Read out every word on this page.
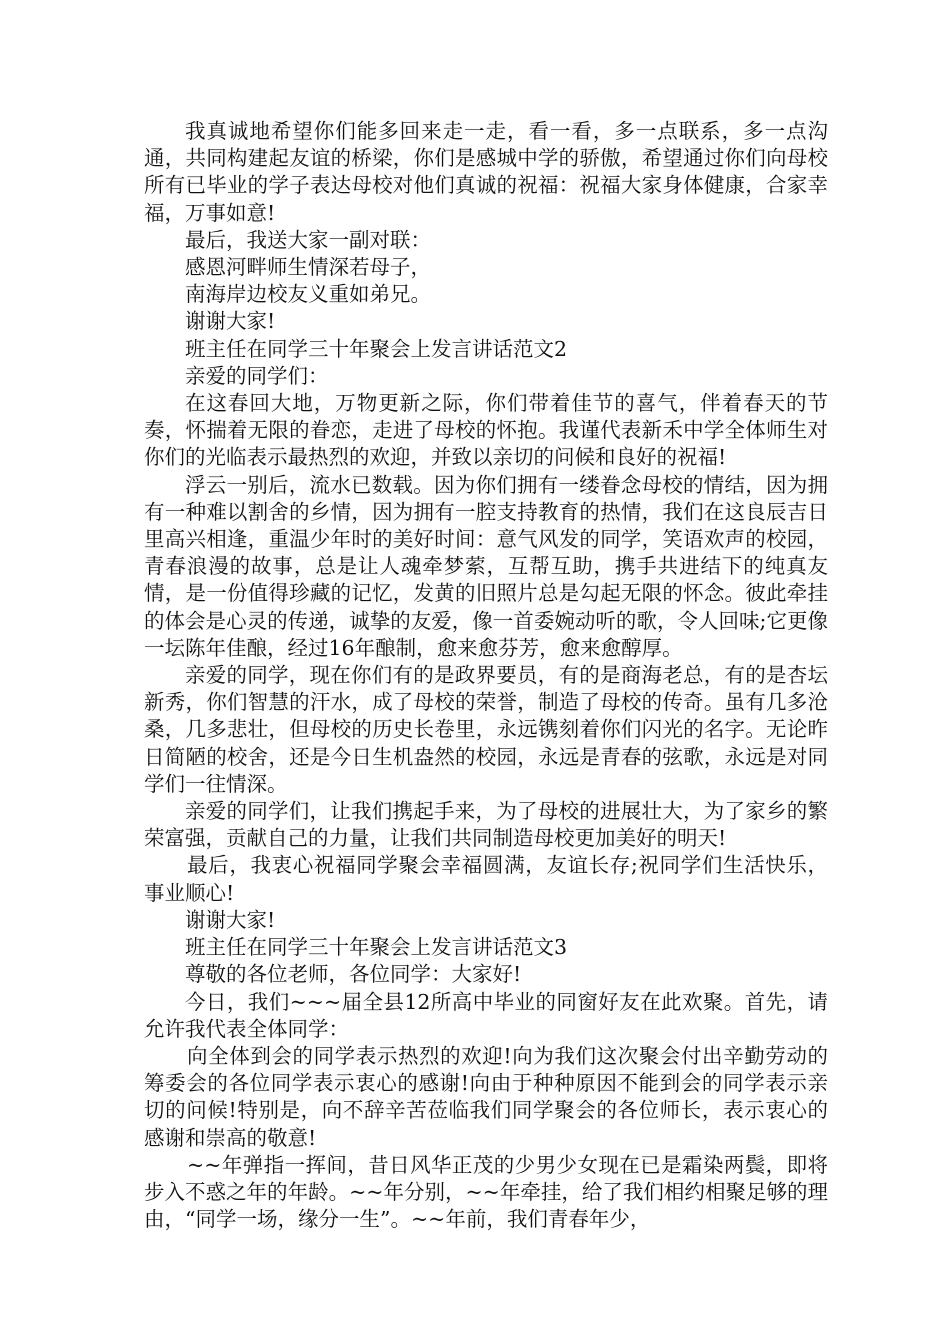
我真诚地希望你们能多回来走一走，看一看，多一点联系，多一点沟通，共同构建起友谊的桥梁，你们是感城中学的骄傲，希望通过你们向母校所有已毕业的学子表达母校对他们真诚的祝福：祝福大家身体健康，合家幸福，万事如意!

最后，我送大家一副对联：

感恩河畔师生情深若母子，

南海岸边校友义重如弟兄。

谢谢大家!

班主任在同学三十年聚会上发言讲话范文2

亲爱的同学们：

在这春回大地，万物更新之际，你们带着佳节的喜气，伴着春天的节奏，怀揣着无限的眷恋，走进了母校的怀抱。我谨代表新禾中学全体师生对你们的光临表示最热烈的欢迎，并致以亲切的问候和良好的祝福!

浮云一别后，流水已数载。因为你们拥有一缕眷念母校的情结，因为拥有一种难以割舍的乡情，因为拥有一腔支持教育的热情，我们在这良辰吉日里高兴相逢，重温少年时的美好时间：意气风发的同学，笑语欢声的校园，青春浪漫的故事，总是让人魂牵梦萦，互帮互助，携手共进结下的纯真友情，是一份值得珍藏的记忆，发黄的旧照片总是勾起无限的怀念。彼此牵挂的体会是心灵的传递，诚挚的友爱，像一首委婉动听的歌，令人回味;它更像一坛陈年佳酿，经过16年酿制，愈来愈芬芳，愈来愈醇厚。

亲爱的同学，现在你们有的是政界要员，有的是商海老总，有的是杏坛新秀，你们智慧的汗水，成了母校的荣誉，制造了母校的传奇。虽有几多沧桑，几多悲壮，但母校的历史长卷里，永远镌刻着你们闪光的名字。无论昨日简陋的校舍，还是今日生机盎然的校园，永远是青春的弦歌，永远是对同学们一往情深。

亲爱的同学们，让我们携起手来，为了母校的进展壮大，为了家乡的繁荣富强，贡献自己的力量，让我们共同制造母校更加美好的明天!

最后，我衷心祝福同学聚会幸福圆满，友谊长存;祝同学们生活快乐，事业顺心!

谢谢大家!

班主任在同学三十年聚会上发言讲话范文3

尊敬的各位老师，各位同学：大家好!

今日，我们~~~届全县12所高中毕业的同窗好友在此欢聚。首先，请允许我代表全体同学：

向全体到会的同学表示热烈的欢迎!向为我们这次聚会付出辛勤劳动的筹委会的各位同学表示衷心的感谢!向由于种种原因不能到会的同学表示亲切的问候!特别是，向不辞辛苦莅临我们同学聚会的各位师长，表示衷心的感谢和崇高的敬意!

~~年弹指一挥间，昔日风华正茂的少男少女现在已是霜染两鬓，即将步入不惑之年的年龄。~~年分别，~~年牵挂，给了我们相约相聚足够的理由，“同学一场，缘分一生”。~~年前，我们青春年少，
